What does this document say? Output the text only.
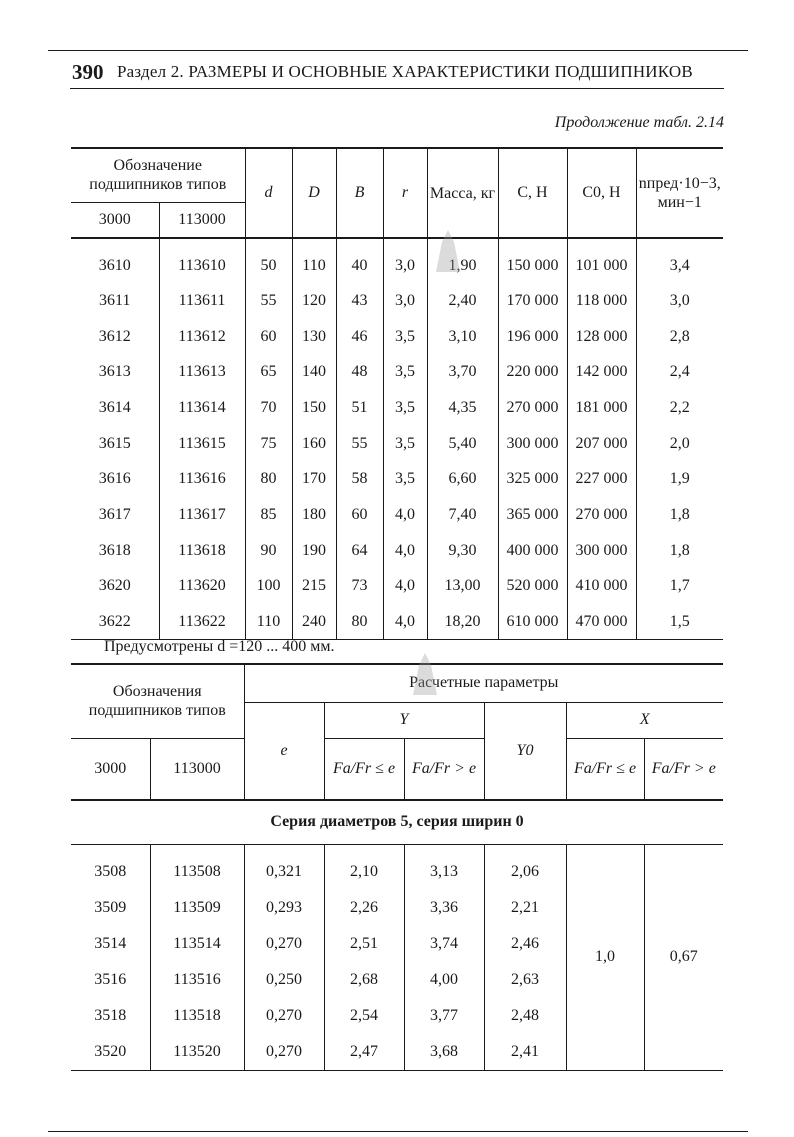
390 Раздел 2. РАЗМЕРЫ И ОСНОВНЫЕ ХАРАКТЕРИСТИКИ ПОДШИПНИКОВ
Продолжение табл. 2.14
Обозначение подшипников типов		d	D	B	r	Масса, кг	C, Н	C0, Н	nпред·10−3, мин−1
3000	113000								
3610	113610	50	110	40	3,0	1,90	150 000	101 000	3,4
3611	113611	55	120	43	3,0	2,40	170 000	118 000	3,0
3612	113612	60	130	46	3,5	3,10	196 000	128 000	2,8
3613	113613	65	140	48	3,5	3,70	220 000	142 000	2,4
3614	113614	70	150	51	3,5	4,35	270 000	181 000	2,2
3615	113615	75	160	55	3,5	5,40	300 000	207 000	2,0
3616	113616	80	170	58	3,5	6,60	325 000	227 000	1,9
3617	113617	85	180	60	4,0	7,40	365 000	270 000	1,8
3618	113618	90	190	64	4,0	9,30	400 000	300 000	1,8
3620	113620	100	215	73	4,0	13,00	520 000	410 000	1,7
3622	113622	110	240	80	4,0	18,20	610 000	470 000	1,5
Предусмотрены d =120 ... 400 мм.
Обозначения подшипников типов		Расчетные параметры					
		e	Y		Y0	X	
3000	113000		Fa/Fr ≤ e	Fa/Fr > e		Fa/Fr ≤ e	Fa/Fr > e
Серия диаметров 5, серия ширин 0							
3508	113508	0,321	2,10	3,13	2,06	1,0	0,67
3509	113509	0,293	2,26	3,36	2,21		
3514	113514	0,270	2,51	3,74	2,46		
3516	113516	0,250	2,68	4,00	2,63		
3518	113518	0,270	2,54	3,77	2,48		
3520	113520	0,270	2,47	3,68	2,41		
